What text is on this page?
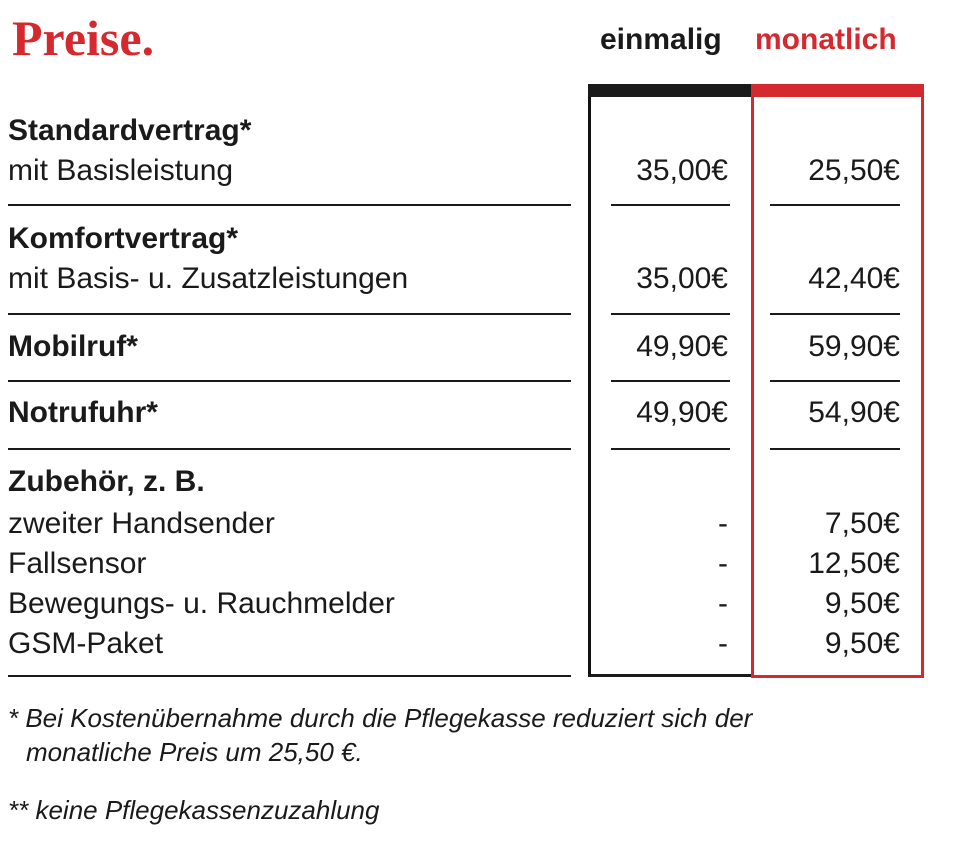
Preise.	einmalig monatlich
Standardvertrag*
mit Basisleistung	35,00€	25,50€
Komfortvertrag*
mit Basis- u. Zusatzleistungen	35,00€	42,40€
Mobilruf*	49,90€	59,90€
Notrufuhr*	49,90€	54,90€
Zubehör, z. B.
zweiter Handsender	-	7,50€
Fallsensor	-	12,50€
Bewegungs- u. Rauchmelder	-	9,50€
GSM-Paket	-	9,50€
* Bei Kostenübernahme durch die Pflegekasse reduziert sich der
monatliche Preis um 25,50 €.
** keine Pflegekassenzuzahlung
